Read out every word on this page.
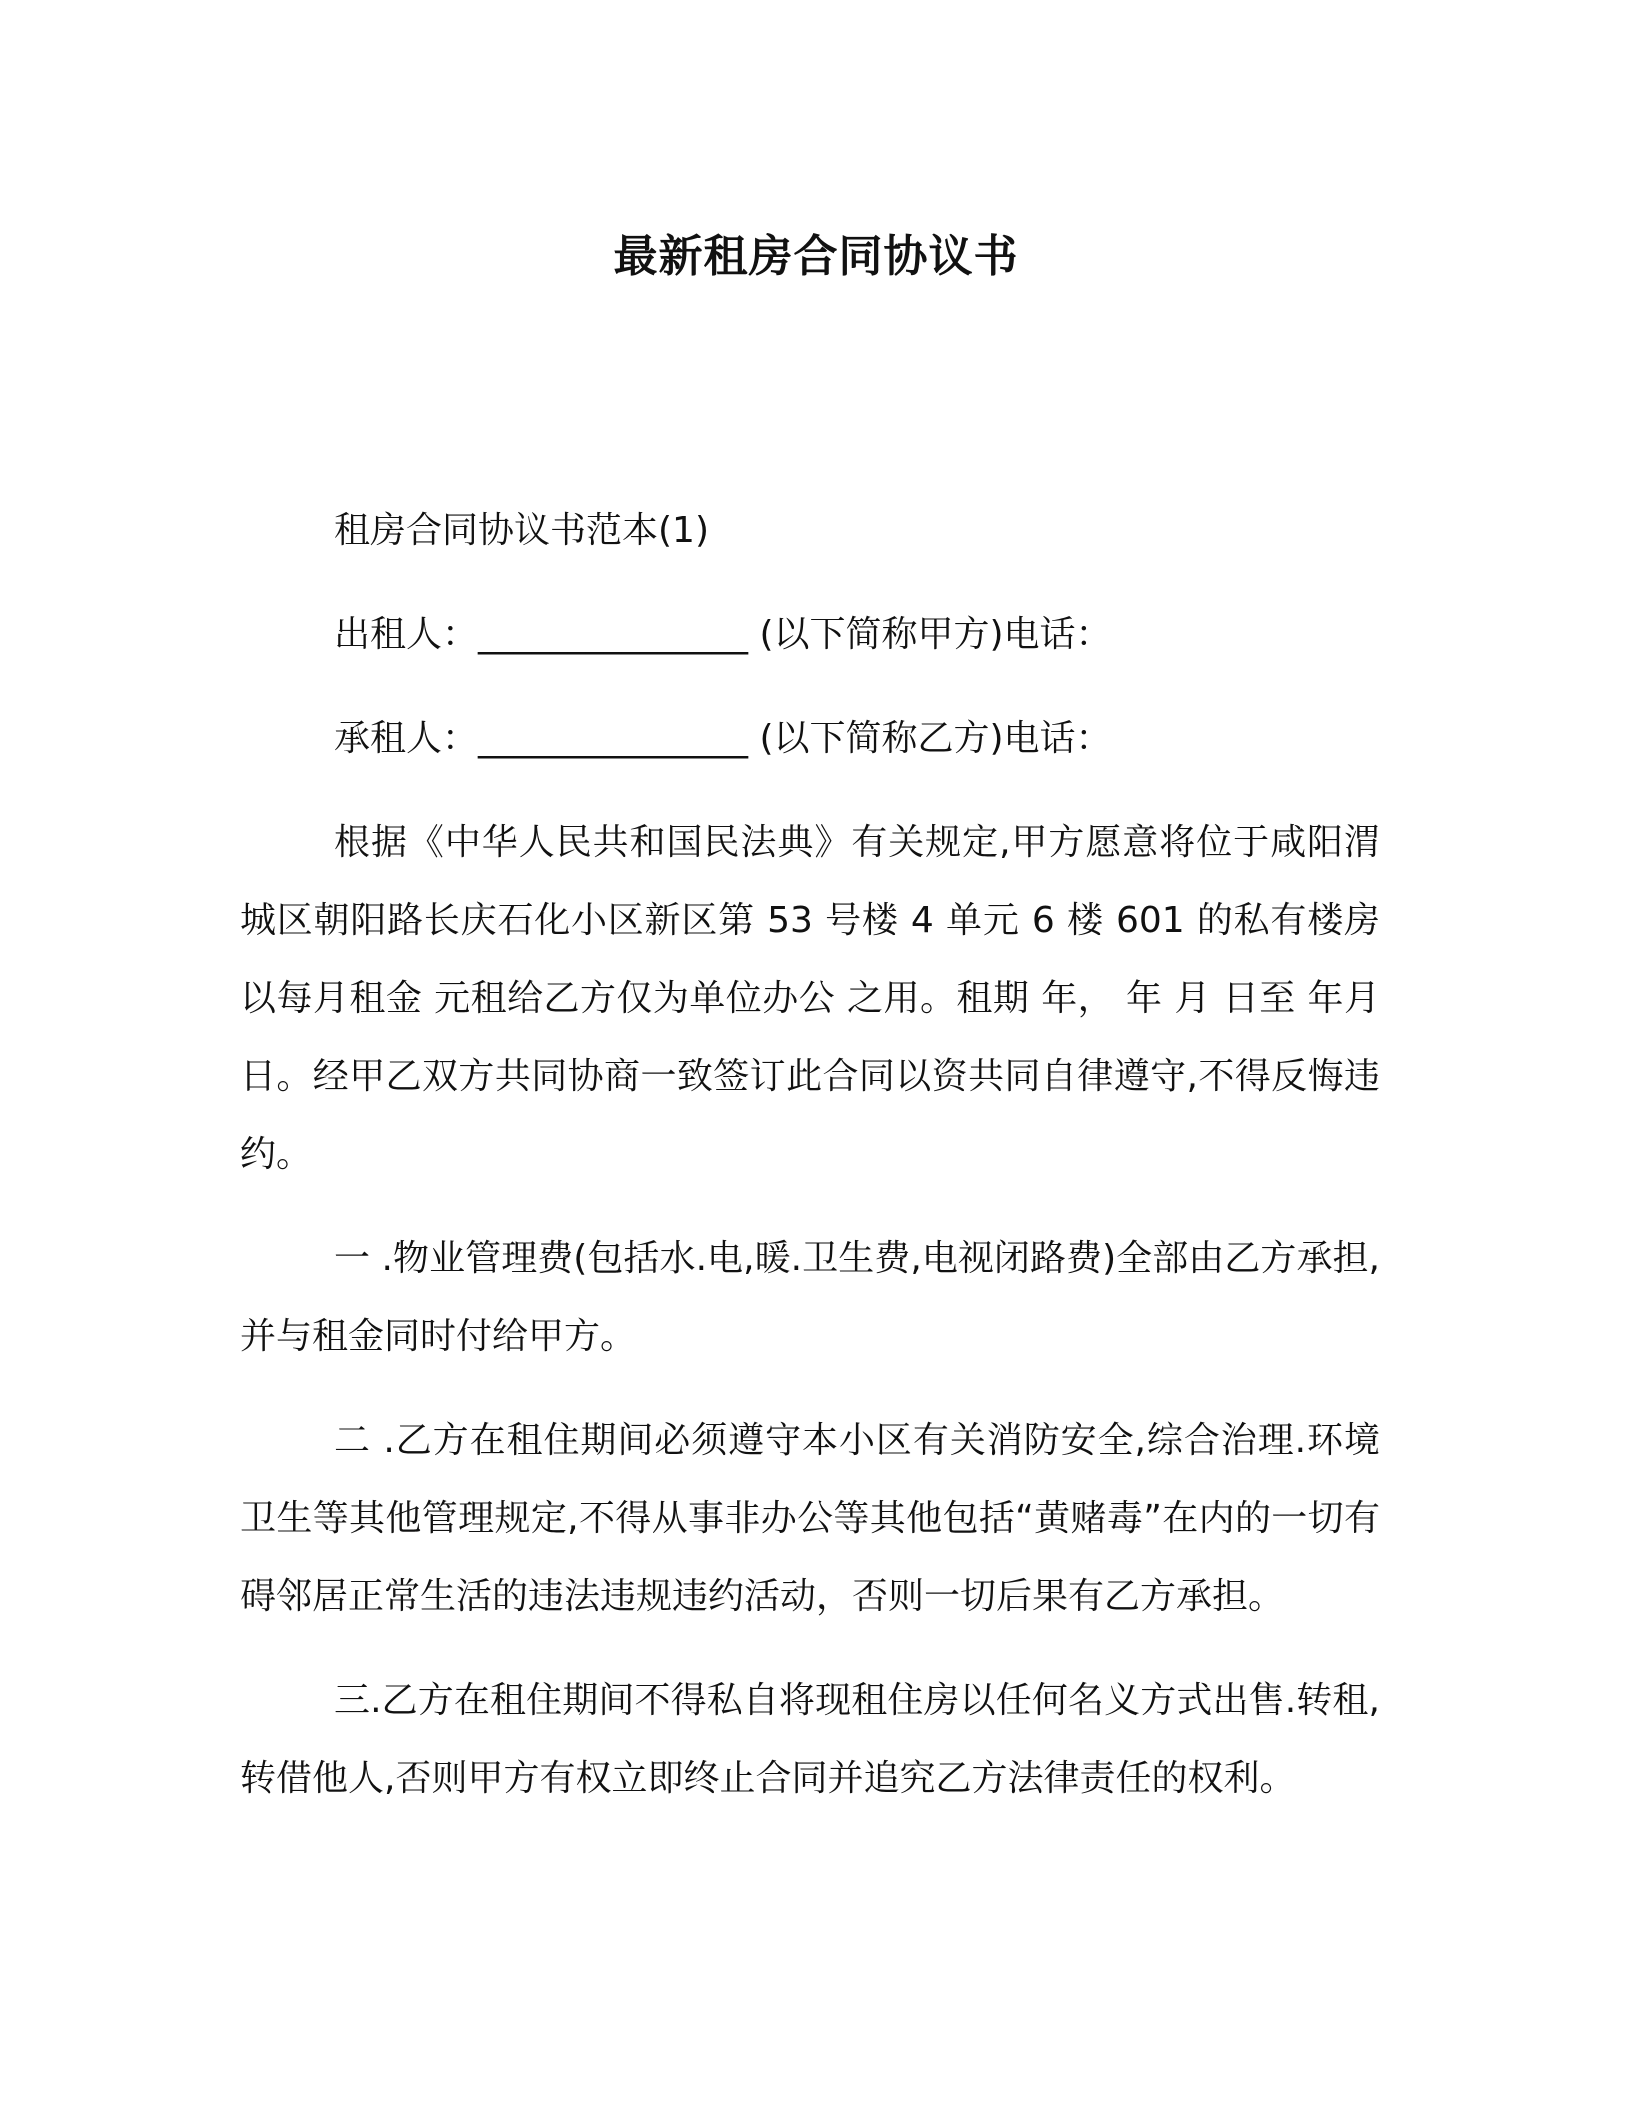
最新租房合同协议书

租房合同协议书范本(1)

出租人：_______________ (以下简称甲方)电话：

承租人：_______________ (以下简称乙方)电话：

根据《中华人民共和国民法典》有关规定,甲方愿意将位于咸阳渭城区朝阳路长庆石化小区新区第 53 号楼 4 单元 6 楼 601 的私有楼房以每月租金 元租给乙方仅为单位办公 之用。租期 年， 年 月 日至 年月 日。经甲乙双方共同协商一致签订此合同以资共同自律遵守,不得反悔违约。

一 .物业管理费(包括水.电,暖.卫生费,电视闭路费)全部由乙方承担,并与租金同时付给甲方。

二 .乙方在租住期间必须遵守本小区有关消防安全,综合治理.环境卫生等其他管理规定,不得从事非办公等其他包括“黄赌毒”在内的一切有碍邻居正常生活的违法违规违约活动，否则一切后果有乙方承担。

三.乙方在租住期间不得私自将现租住房以任何名义方式出售.转租,转借他人,否则甲方有权立即终止合同并追究乙方法律责任的权利。
